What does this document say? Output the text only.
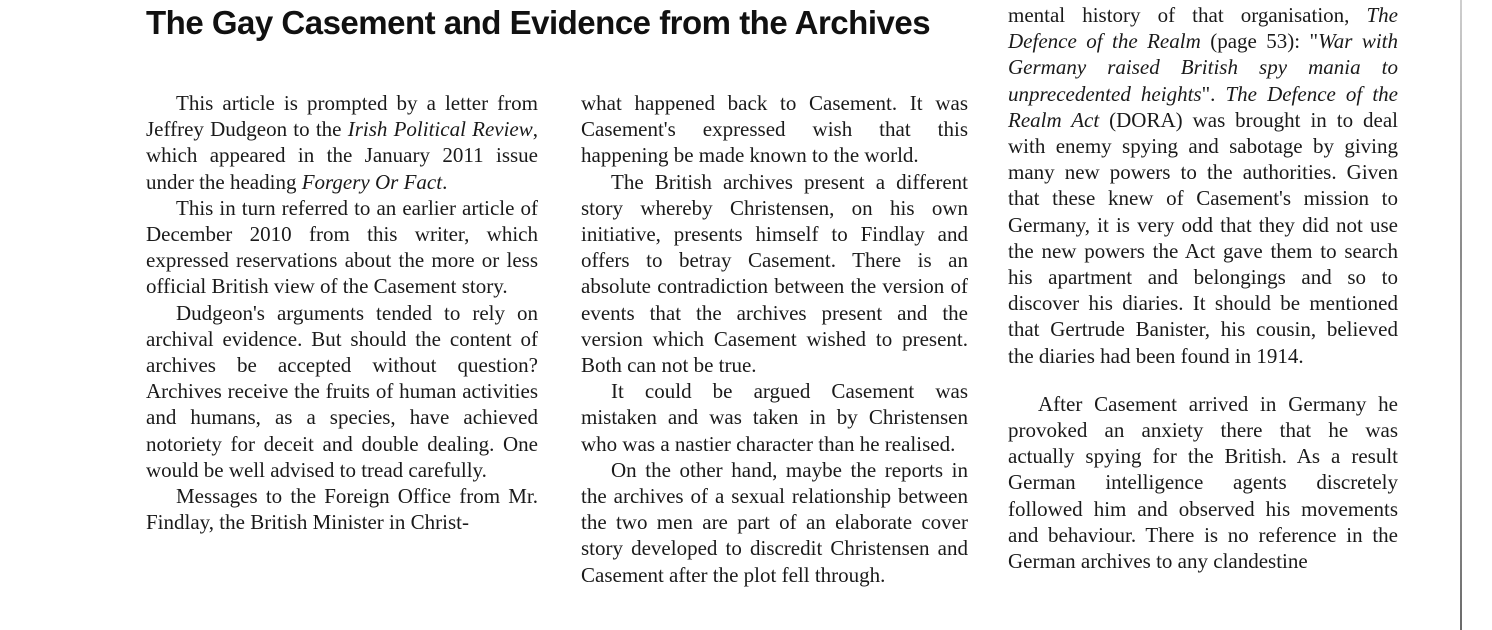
The Gay Casement and Evidence from the Archives

This article is prompted by a letter from Jeffrey Dudgeon to the Irish Political Review, which appeared in the January 2011 issue under the heading Forgery Or Fact.

This in turn referred to an earlier article of December 2010 from this writer, which expressed reservations about the more or less official British view of the Casement story.

Dudgeon's arguments tended to rely on archival evidence. But should the content of archives be accepted without question? Archives receive the fruits of human activities and humans, as a species, have achieved notoriety for deceit and double dealing. One would be well advised to tread carefully.

Messages to the Foreign Office from Mr. Findlay, the British Minister in Christ-

what happened back to Casement. It was Casement's expressed wish that this happening be made known to the world.

The British archives present a different story whereby Christensen, on his own initiative, presents himself to Findlay and offers to betray Casement. There is an absolute contradiction between the version of events that the archives present and the version which Casement wished to present. Both can not be true.

It could be argued Casement was mistaken and was taken in by Christensen who was a nastier character than he realised.

On the other hand, maybe the reports in the archives of a sexual relationship between the two men are part of an elaborate cover story developed to discredit Christensen and Casement after the plot fell through.

mental history of that organisation, The Defence of the Realm (page 53): "War with Germany raised British spy mania to unprecedented heights". The Defence of the Realm Act (DORA) was brought in to deal with enemy spying and sabotage by giving many new powers to the authorities. Given that these knew of Casement's mission to Germany, it is very odd that they did not use the new powers the Act gave them to search his apartment and belongings and so to discover his diaries. It should be mentioned that Gertrude Banister, his cousin, believed the diaries had been found in 1914.

After Casement arrived in Germany he provoked an anxiety there that he was actually spying for the British. As a result German intelligence agents discretely followed him and observed his movements and behaviour. There is no reference in the German archives to any clandestine
